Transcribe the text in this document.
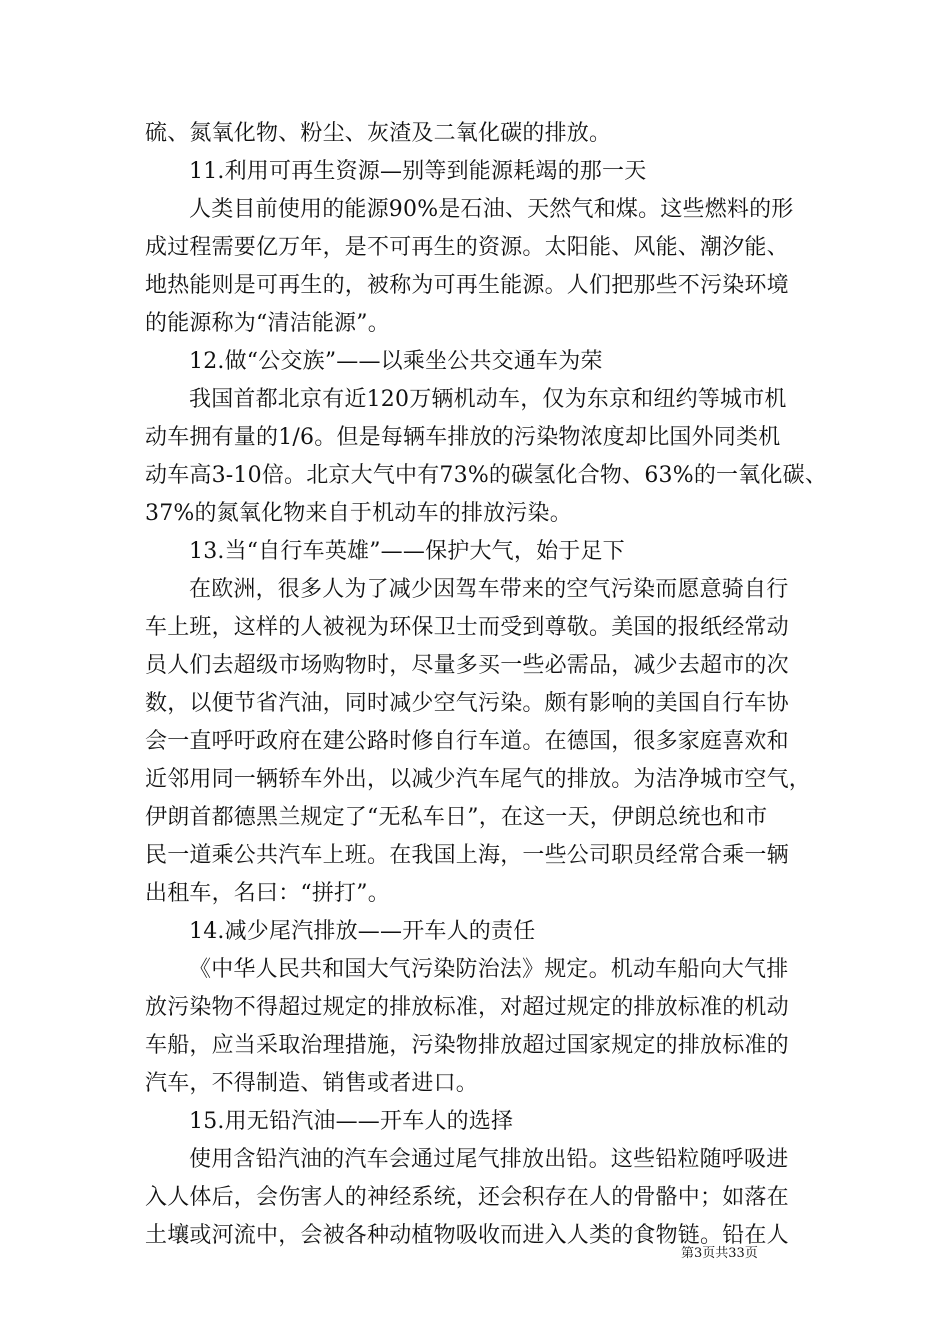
硫、氮氧化物、粉尘、灰渣及二氧化碳的排放。
11.利用可再生资源—别等到能源耗竭的那一天
人类目前使用的能源90%是石油、天然气和煤。这些燃料的形
成过程需要亿万年，是不可再生的资源。太阳能、风能、潮汐能、
地热能则是可再生的，被称为可再生能源。人们把那些不污染环境
的能源称为“清洁能源”。
12.做“公交族”——以乘坐公共交通车为荣
我国首都北京有近120万辆机动车，仅为东京和纽约等城市机
动车拥有量的1/6。但是每辆车排放的污染物浓度却比国外同类机
动车高3-10倍。北京大气中有73%的碳氢化合物、63%的一氧化碳、
37%的氮氧化物来自于机动车的排放污染。
13.当“自行车英雄”——保护大气，始于足下
在欧洲，很多人为了减少因驾车带来的空气污染而愿意骑自行
车上班，这样的人被视为环保卫士而受到尊敬。美国的报纸经常动
员人们去超级市场购物时，尽量多买一些必需品，减少去超市的次
数，以便节省汽油，同时减少空气污染。颇有影响的美国自行车协
会一直呼吁政府在建公路时修自行车道。在德国，很多家庭喜欢和
近邻用同一辆轿车外出，以减少汽车尾气的排放。为洁净城市空气，
伊朗首都德黑兰规定了“无私车日”，在这一天，伊朗总统也和市
民一道乘公共汽车上班。在我国上海，一些公司职员经常合乘一辆
出租车，名曰：“拼打”。
14.减少尾汽排放——开车人的责任
《中华人民共和国大气污染防治法》规定。机动车船向大气排
放污染物不得超过规定的排放标准，对超过规定的排放标准的机动
车船，应当采取治理措施，污染物排放超过国家规定的排放标准的
汽车，不得制造、销售或者进口。
15.用无铅汽油——开车人的选择
使用含铅汽油的汽车会通过尾气排放出铅。这些铅粒随呼吸进
入人体后，会伤害人的神经系统，还会积存在人的骨骼中；如落在
土壤或河流中，会被各种动植物吸收而进入人类的食物链。铅在人
第3页共33页
